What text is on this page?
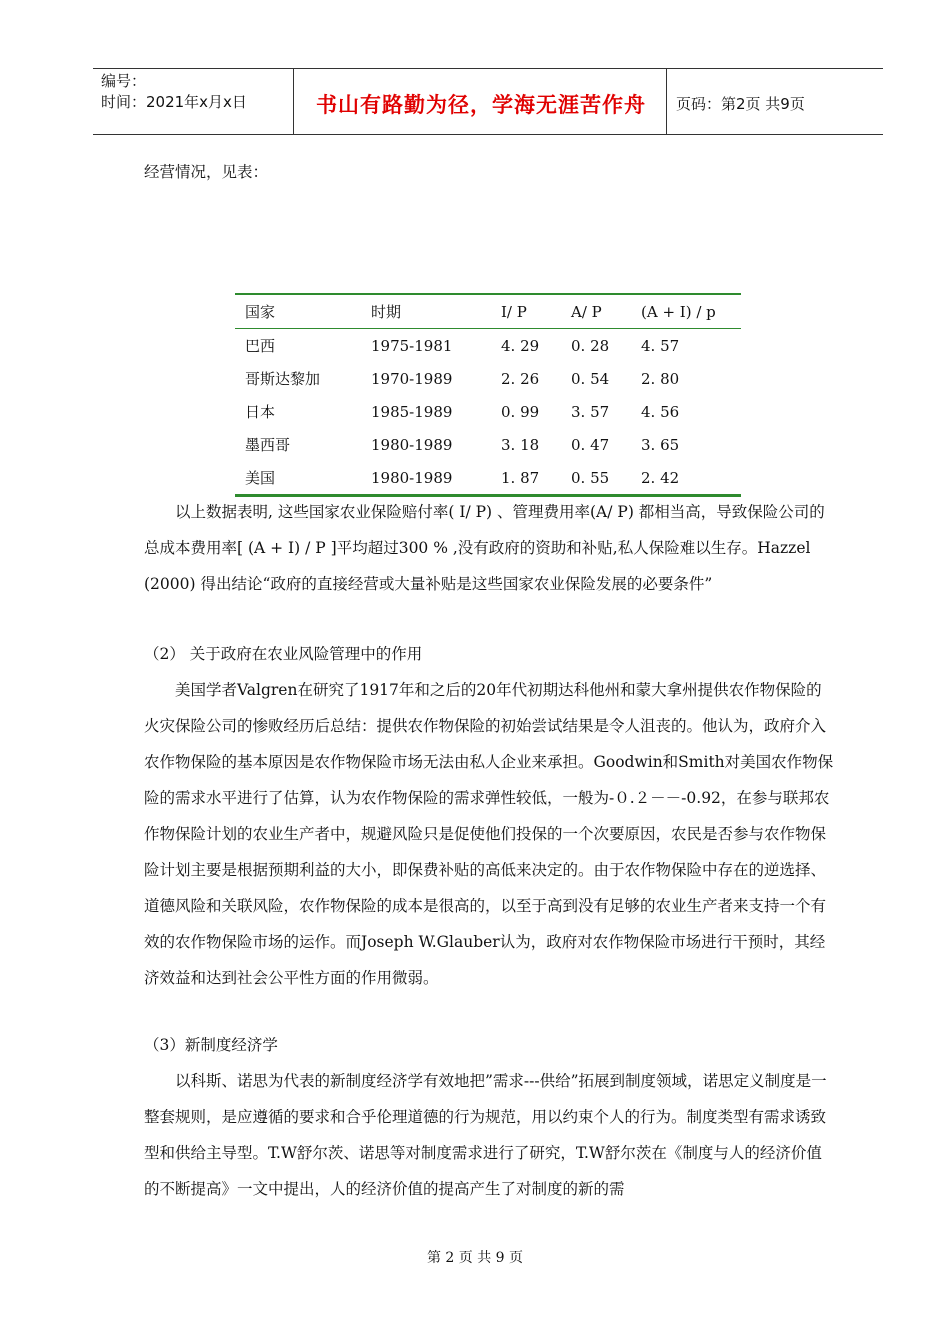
编号：
时间：2021年x月x日	书山有路勤为径，学海无涯苦作舟	页码：第2页 共9页

经营情况，见表：

国家	时期	I/ P	A/ P	(A + I) / p
巴西	1975-1981	4. 29	0. 28	4. 57
哥斯达黎加	1970-1989	2. 26	0. 54	2. 80
日本	1985-1989	0. 99	3. 57	4. 56
墨西哥	1980-1989	3. 18	0. 47	3. 65
美国	1980-1989	1. 87	0. 55	2. 42

以上数据表明, 这些国家农业保险赔付率( I/ P) 、管理费用率(A/ P) 都相当高，导致保险公司的总成本费用率[ (A + I) / P ]平均超过300 % ,没有政府的资助和补贴,私人保险难以生存。Hazzel (2000) 得出结论“政府的直接经营或大量补贴是这些国家农业保险发展的必要条件”

（2） 关于政府在农业风险管理中的作用

美国学者Valgren在研究了1917年和之后的20年代初期达科他州和蒙大拿州提供农作物保险的火灾保险公司的惨败经历后总结：提供农作物保险的初始尝试结果是令人沮丧的。他认为，政府介入农作物保险的基本原因是农作物保险市场无法由私人企业来承担。Goodwin和Smith对美国农作物保险的需求水平进行了估算，认为农作物保险的需求弹性较低，一般为-０.２－－-0.92，在参与联邦农作物保险计划的农业生产者中，规避风险只是促使他们投保的一个次要原因，农民是否参与农作物保险计划主要是根据预期利益的大小，即保费补贴的高低来决定的。由于农作物保险中存在的逆选择、道德风险和关联风险，农作物保险的成本是很高的，以至于高到没有足够的农业生产者来支持一个有效的农作物保险市场的运作。而Joseph W.Glauber认为，政府对农作物保险市场进行干预时，其经济效益和达到社会公平性方面的作用微弱。

（3）新制度经济学

以科斯、诺思为代表的新制度经济学有效地把”需求---供给”拓展到制度领域，诺思定义制度是一整套规则，是应遵循的要求和合乎伦理道德的行为规范，用以约束个人的行为。制度类型有需求诱致型和供给主导型。T.W舒尔茨、诺思等对制度需求进行了研究，T.W舒尔茨在《制度与人的经济价值的不断提高》一文中提出，人的经济价值的提高产生了对制度的新的需

第 2 页 共 9 页
